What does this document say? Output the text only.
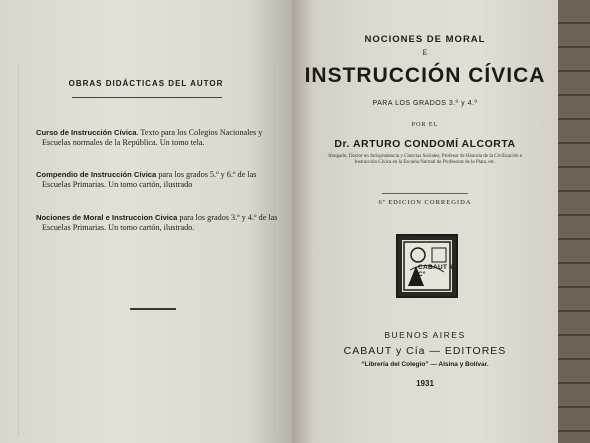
OBRAS DIDÁCTICAS DEL AUTOR
Curso de Instrucción Cívica. Texto para los Colegios Nacionales y Escuelas normales de la República. Un tomo tela.
Compendio de Instrucción Cívica para los grados 5.º y 6.º de las Escuelas Primarias. Un tomo cartón, ilustrado
Nociones de Moral e Instruccion Civica para los grados 3.º y 4.º de las Escuelas Primarias. Un tomo cartón, ilustrado.
NOCIONES DE MORAL
E
INSTRUCCIÓN CÍVICA
PARA LOS GRADOS 3.º y 4.º
POR EL
Dr. ARTURO CONDOMÍ ALCORTA
Abogado; Doctor en Jurisprudencia y Ciencias Sociales; Profesor de Historia de la Civilización e Instrucción Cívica en la Escuela Normal de Profesoras de la Plata, etc.
6ª EDICION CORREGIDA
CABAUT & Cº
BUENOS AIRES
CABAUT y Cía — EDITORES
“Librería del Colegio” — Alsina y Bolívar.
1931
